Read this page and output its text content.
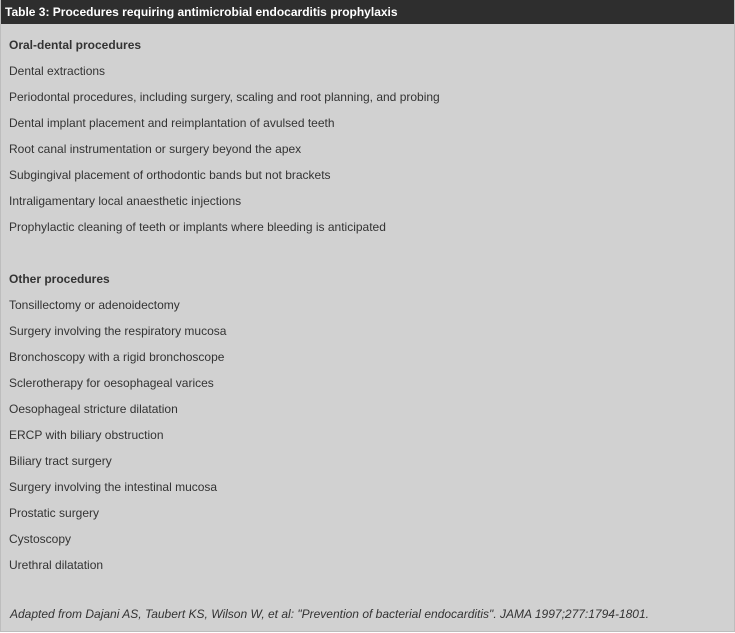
Table 3: Procedures requiring antimicrobial endocarditis prophylaxis
Oral-dental procedures
Dental extractions
Periodontal procedures, including surgery, scaling and root planning, and probing
Dental implant placement and reimplantation of avulsed teeth
Root canal instrumentation or surgery beyond the apex
Subgingival placement of orthodontic bands but not brackets
Intraligamentary local anaesthetic injections
Prophylactic cleaning of teeth or implants where bleeding is anticipated
Other procedures
Tonsillectomy or adenoidectomy
Surgery involving the respiratory mucosa
Bronchoscopy with a rigid bronchoscope
Sclerotherapy for oesophageal varices
Oesophageal stricture dilatation
ERCP with biliary obstruction
Biliary tract surgery
Surgery involving the intestinal mucosa
Prostatic surgery
Cystoscopy
Urethral dilatation
Adapted from Dajani AS, Taubert KS, Wilson W, et al: "Prevention of bacterial endocarditis". JAMA 1997;277:1794-1801.
